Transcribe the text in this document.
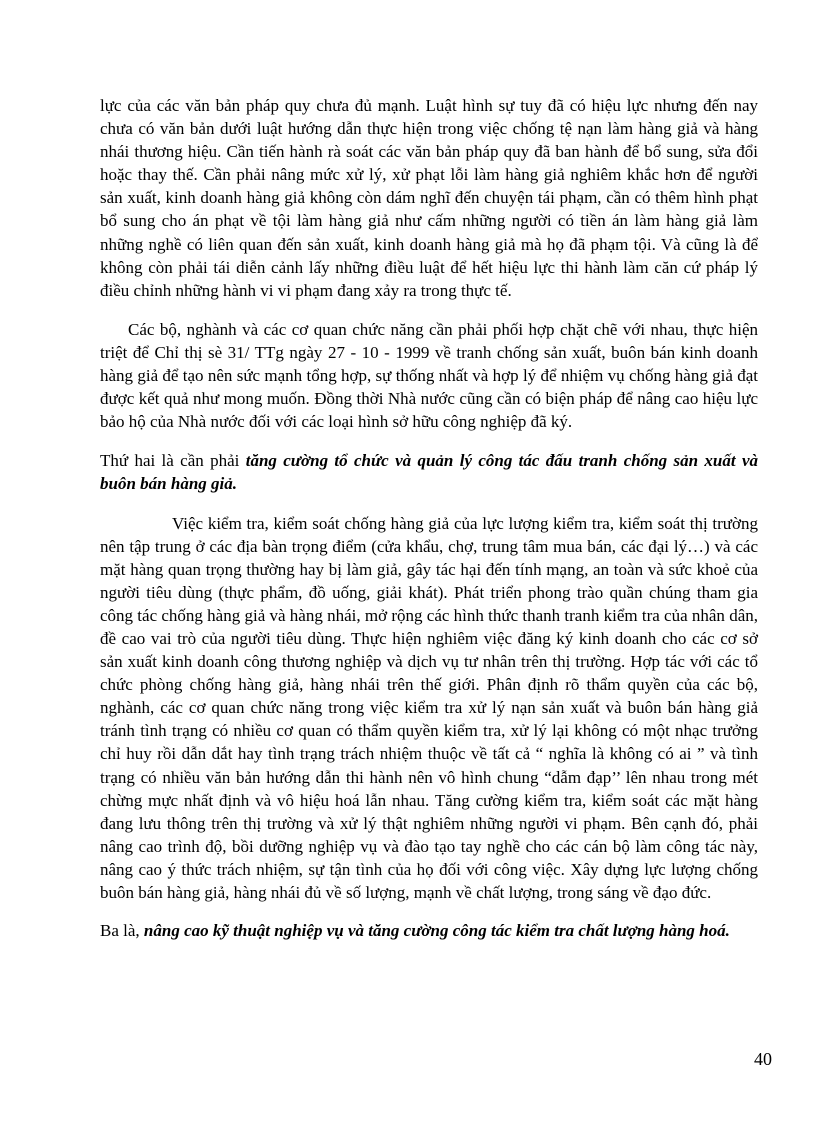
lực của các văn bản pháp quy chưa đủ mạnh. Luật hình sự tuy đã có hiệu lực nhưng đến nay chưa có văn bản dưới luật hướng dẫn thực hiện trong việc chống tệ nạn làm hàng giả và hàng nhái thương hiệu. Cần tiến hành rà soát các văn bản pháp quy đã ban hành để bổ sung, sửa đổi hoặc thay thế. Cần phải nâng mức xử lý, xử phạt lỗi làm hàng giả nghiêm khắc hơn để người sản xuất, kinh doanh hàng giả không còn dám nghĩ đến chuyện tái phạm, cần có thêm hình phạt bổ sung cho án phạt về tội làm hàng giả như cấm những người có tiền án làm hàng giả làm những nghề có liên quan đến sản xuất, kinh doanh hàng giả mà họ đã phạm tội. Và cũng là để không còn phải tái diễn cảnh lấy những điều luật để hết hiệu lực thi hành làm căn cứ pháp lý điều chỉnh những hành vi vi phạm đang xảy ra trong thực tế.

Các bộ, nghành và các cơ quan chức năng cần phải phối hợp chặt chẽ với nhau, thực hiện triệt để Chỉ thị sè 31/ TTg ngày 27 - 10 - 1999 về tranh chống sản xuất, buôn bán kinh doanh hàng giả để tạo nên sức mạnh tổng hợp, sự thống nhất và hợp lý để nhiệm vụ chống hàng giả đạt được kết quả như mong muốn. Đồng thời Nhà nước cũng cần có biện pháp để nâng cao hiệu lực bảo hộ của Nhà nước đối với các loại hình sở hữu công nghiệp đã ký.

Thứ hai là cần phải tăng cường tổ chức và quản lý công tác đấu tranh chống sản xuất và buôn bán hàng giả.

Việc kiểm tra, kiểm soát chống hàng giả của lực lượng kiểm tra, kiểm soát thị trường nên tập trung ở các địa bàn trọng điểm (cửa khẩu, chợ, trung tâm mua bán, các đại lý…) và các mặt hàng quan trọng thường hay bị làm giả, gây tác hại đến tính mạng, an toàn và sức khoẻ của người tiêu dùng (thực phẩm, đồ uống, giải khát). Phát triển phong trào quần chúng tham gia công tác chống hàng giả và hàng nhái, mở rộng các hình thức thanh tranh kiểm tra của nhân dân, đề cao vai trò của người tiêu dùng. Thực hiện nghiêm việc đăng ký kinh doanh cho các cơ sở sản xuất kinh doanh công thương nghiệp và dịch vụ tư nhân trên thị trường. Hợp tác với các tổ chức phòng chống hàng giả, hàng nhái trên thế giới. Phân định rõ thẩm quyền của các bộ, nghành, các cơ quan chức năng trong việc kiểm tra xử lý nạn sản xuất và buôn bán hàng giả tránh tình trạng có nhiều cơ quan có thẩm quyền kiểm tra, xử lý lại không có một nhạc trưởng chỉ huy rồi dẫn dắt hay tình trạng trách nhiệm thuộc về tất cả “ nghĩa là không có ai ” và tình trạng có nhiều văn bản hướng dẫn thi hành nên vô hình chung “dẫm đạp’’ lên nhau trong mét chừng mực nhất định và vô hiệu hoá lẫn nhau. Tăng cường kiểm tra, kiểm soát các mặt hàng đang lưu thông trên thị trường và xử lý thật nghiêm những người vi phạm. Bên cạnh đó, phải nâng cao trình độ, bồi dưỡng nghiệp vụ và đào tạo tay nghề cho các cán bộ làm công tác này, nâng cao ý thức trách nhiệm, sự tận tình của họ đối với công việc. Xây dựng lực lượng chống buôn bán hàng giả, hàng nhái đủ về số lượng, mạnh về chất lượng, trong sáng về đạo đức.

Ba là, nâng cao kỹ thuật nghiệp vụ và tăng cường công tác kiểm tra chất lượng hàng hoá.

40
